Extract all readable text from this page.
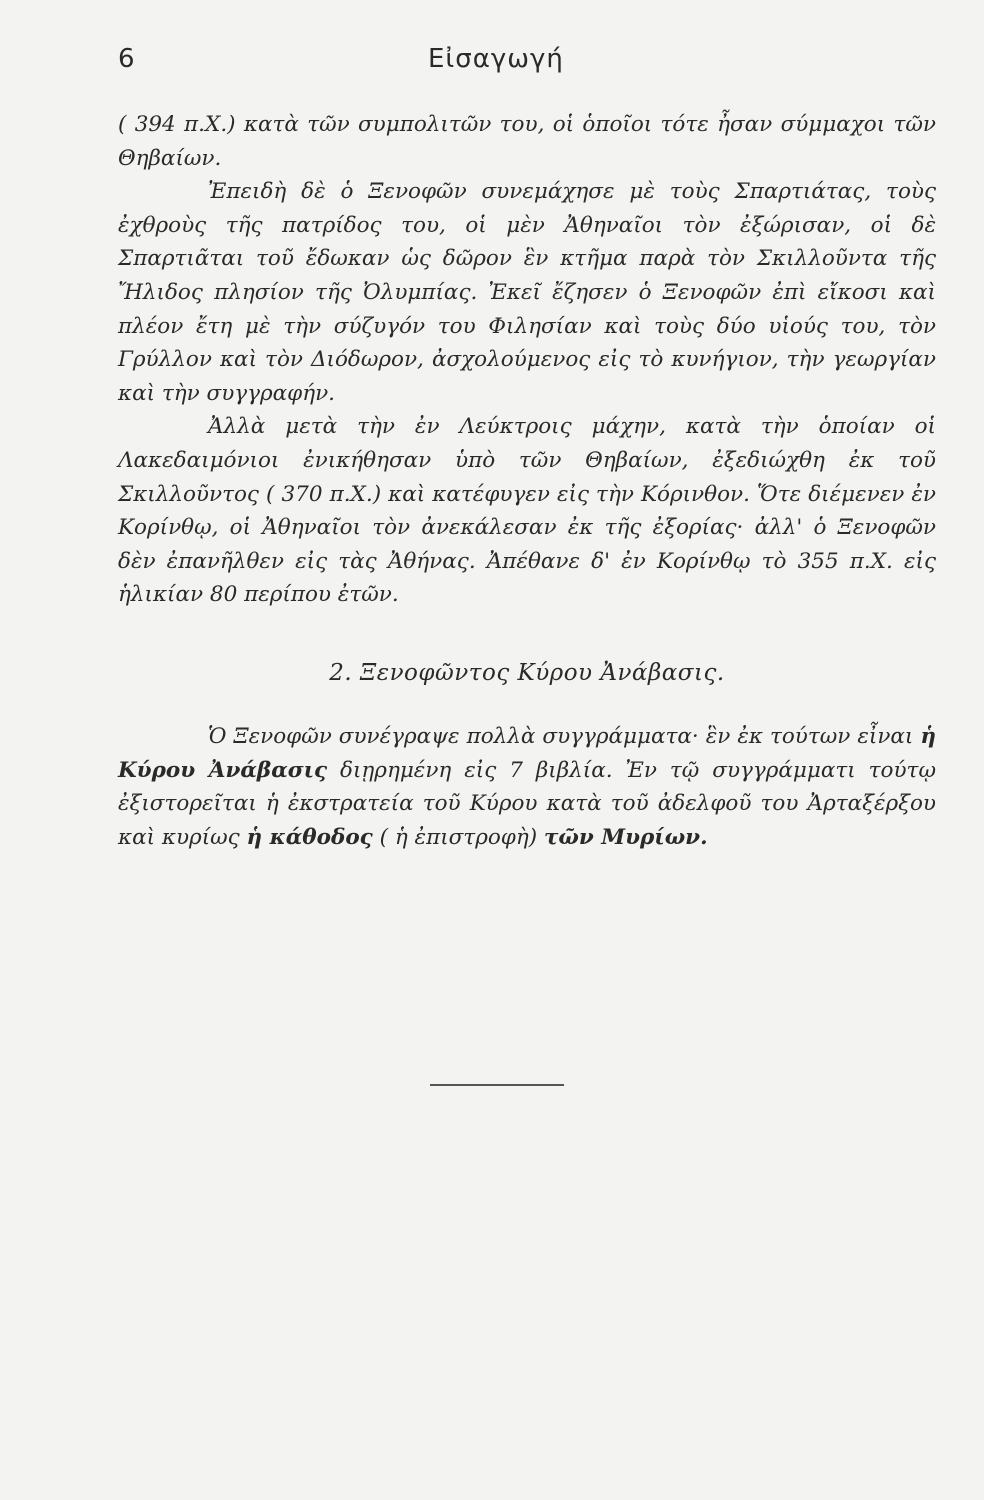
6	Εἰσαγωγή

( 394 π.Χ.) κατὰ τῶν συμπολιτῶν του, οἱ ὁποῖοι τότε ἦσαν σύμμαχοι τῶν Θηβαίων.

Ἐπειδὴ δὲ ὁ Ξενοφῶν συνεμάχησε μὲ τοὺς Σπαρτιάτας, τοὺς ἐχθροὺς τῆς πατρίδος του, οἱ μὲν Ἀθηναῖοι τὸν ἐξώρισαν, οἱ δὲ Σπαρτιᾶται τοῦ ἔδωκαν ὡς δῶρον ἓν κτῆμα παρὰ τὸν Σκιλλοῦντα τῆς Ἤλιδος πλησίον τῆς Ὀλυμπίας. Ἐκεῖ ἔζησεν ὁ Ξενοφῶν ἐπὶ εἴκοσι καὶ πλέον ἔτη μὲ τὴν σύζυγόν του Φιλησίαν καὶ τοὺς δύο υἱούς του, τὸν Γρύλλον καὶ τὸν Διόδωρον, ἀσχολούμενος εἰς τὸ κυνήγιον, τὴν γεωργίαν καὶ τὴν συγγραφήν.

Ἀλλὰ μετὰ τὴν ἐν Λεύκτροις μάχην, κατὰ τὴν ὁποίαν οἱ Λακεδαιμόνιοι ἐνικήθησαν ὑπὸ τῶν Θηβαίων, ἐξεδιώχθη ἐκ τοῦ Σκιλλοῦντος ( 370 π.Χ.) καὶ κατέφυγεν εἰς τὴν Κόρινθον. Ὅτε διέμενεν ἐν Κορίνθῳ, οἱ Ἀθηναῖοι τὸν ἀνεκάλεσαν ἐκ τῆς ἐξορίας· ἀλλ' ὁ Ξενοφῶν δὲν ἐπανῆλθεν εἰς τὰς Ἀθήνας. Ἀπέθανε δ' ἐν Κορίνθῳ τὸ 355 π.Χ. εἰς ἡλικίαν 80 περίπου ἐτῶν.

2. Ξενοφῶντος Κύρου Ἀνάβασις.

Ὁ Ξενοφῶν συνέγραψε πολλὰ συγγράμματα· ἓν ἐκ τούτων εἶναι ἡ Κύρου Ἀνάβασις διῃρημένη εἰς 7 βιβλία. Ἐν τῷ συγγράμματι τούτῳ ἐξιστορεῖται ἡ ἐκστρατεία τοῦ Κύρου κατὰ τοῦ ἀδελφοῦ του Ἀρταξέρξου καὶ κυρίως ἡ κάθοδος ( ἡ ἐπιστροφὴ) τῶν Μυρίων.
